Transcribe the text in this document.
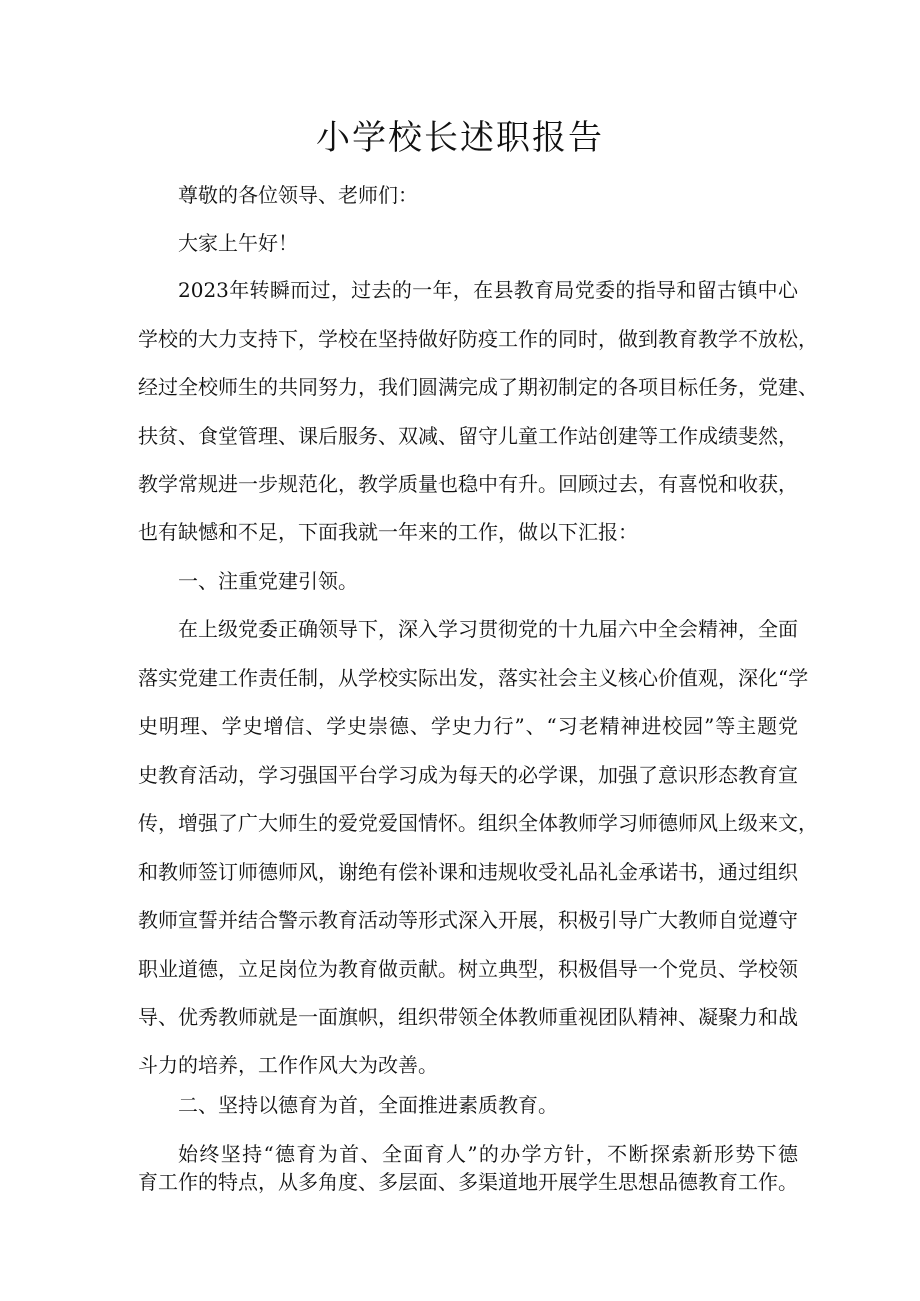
小学校长述职报告

尊敬的各位领导、老师们：

大家上午好！

2023年转瞬而过，过去的一年，在县教育局党委的指导和留古镇中心

学校的大力支持下，学校在坚持做好防疫工作的同时，做到教育教学不放松，

经过全校师生的共同努力，我们圆满完成了期初制定的各项目标任务，党建、

扶贫、食堂管理、课后服务、双减、留守儿童工作站创建等工作成绩斐然，

教学常规进一步规范化，教学质量也稳中有升。回顾过去，有喜悦和收获，

也有缺憾和不足，下面我就一年来的工作，做以下汇报：

一、注重党建引领。

在上级党委正确领导下，深入学习贯彻党的十九届六中全会精神，全面

落实党建工作责任制，从学校实际出发，落实社会主义核心价值观，深化“学

史明理、学史增信、学史崇德、学史力行”、“习老精神进校园”等主题党

史教育活动，学习强国平台学习成为每天的必学课，加强了意识形态教育宣

传，增强了广大师生的爱党爱国情怀。组织全体教师学习师德师风上级来文，

和教师签订师德师风，谢绝有偿补课和违规收受礼品礼金承诺书，通过组织

教师宣誓并结合警示教育活动等形式深入开展，积极引导广大教师自觉遵守

职业道德，立足岗位为教育做贡献。树立典型，积极倡导一个党员、学校领

导、优秀教师就是一面旗帜，组织带领全体教师重视团队精神、凝聚力和战

斗力的培养，工作作风大为改善。

二、坚持以德育为首，全面推进素质教育。

始终坚持“德育为首、全面育人”的办学方针，不断探索新形势下德

育工作的特点，从多角度、多层面、多渠道地开展学生思想品德教育工作。
